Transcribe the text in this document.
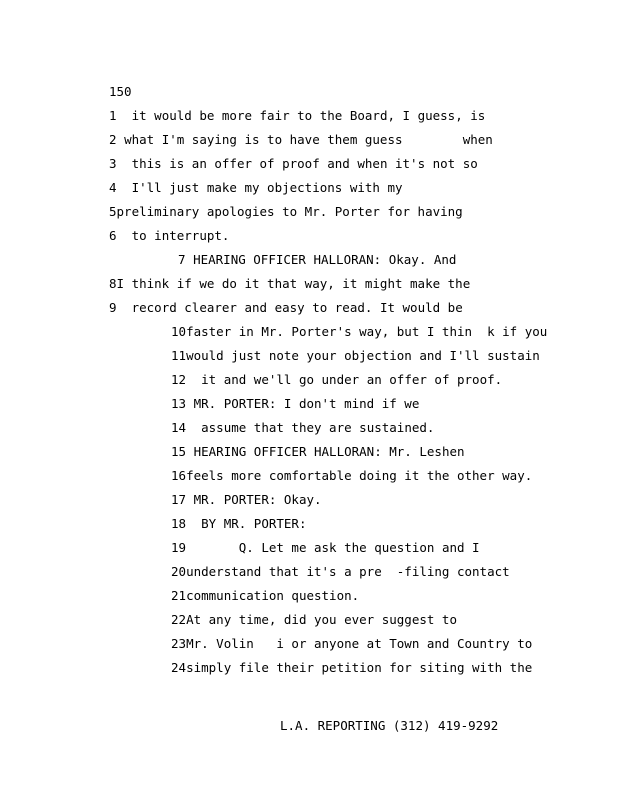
150
1 it would be more fair to the Board, I guess, is
2 what I'm saying is to have them guess        when
3 this is an offer of proof and when it's not so
4 I'll just make my objections with my
5preliminary apologies to Mr. Porter for having
6 to interrupt.
7 HEARING OFFICER HALLORAN: Okay. And
8I think if we do it that way, it might make the
9 record clearer and easy to read. It would be
10faster in Mr. Porter's way, but I thin  k if you
11would just note your objection and I'll sustain
12 it and we'll go under an offer of proof.
13 MR. PORTER: I don't mind if we
14 assume that they are sustained.
15 HEARING OFFICER HALLORAN: Mr. Leshen
16feels more comfortable doing it the other way.
17 MR. PORTER: Okay.
18 BY MR. PORTER:
19	Q. Let me ask the question and I
20understand that it's a pre  -filing contact
21communication question.
22At any time, did you ever suggest to
23Mr. Volin   i or anyone at Town and Country to
24simply file their petition for siting with the
L.A. REPORTING (312) 419-9292
